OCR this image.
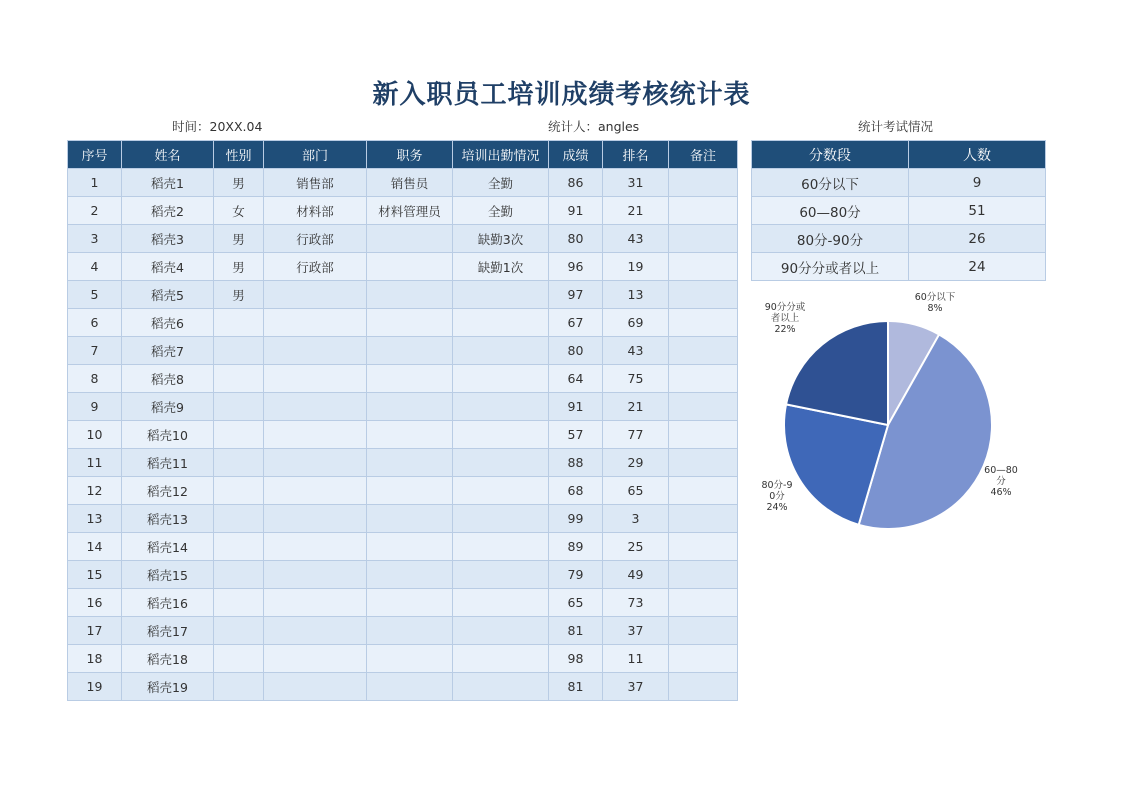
新入职员工培训成绩考核统计表
时间：20XX.04	统计人：angles	统计考试情况
序号	姓名	性别	部门	职务	培训出勤情况	成绩	排名	备注
1	稻壳1	男	销售部	销售员	全勤	86	31	
2	稻壳2	女	材料部	材料管理员	全勤	91	21	
3	稻壳3	男	行政部		缺勤3次	80	43	
4	稻壳4	男	行政部		缺勤1次	96	19	
5	稻壳5	男				97	13	
6	稻壳6					67	69	
7	稻壳7					80	43	
8	稻壳8					64	75	
9	稻壳9					91	21	
10	稻壳10					57	77	
11	稻壳11					88	29	
12	稻壳12					68	65	
13	稻壳13					99	3	
14	稻壳14					89	25	
15	稻壳15					79	49	
16	稻壳16					65	73	
17	稻壳17					81	37	
18	稻壳18					98	11	
19	稻壳19					81	37	
分数段	人数
60分以下	9
60—80分	51
80分-90分	26
90分分或者以上	24
60分以下
8%
60—80
分
46%
80分-9
0分
24%
90分分或
者以上
22%
